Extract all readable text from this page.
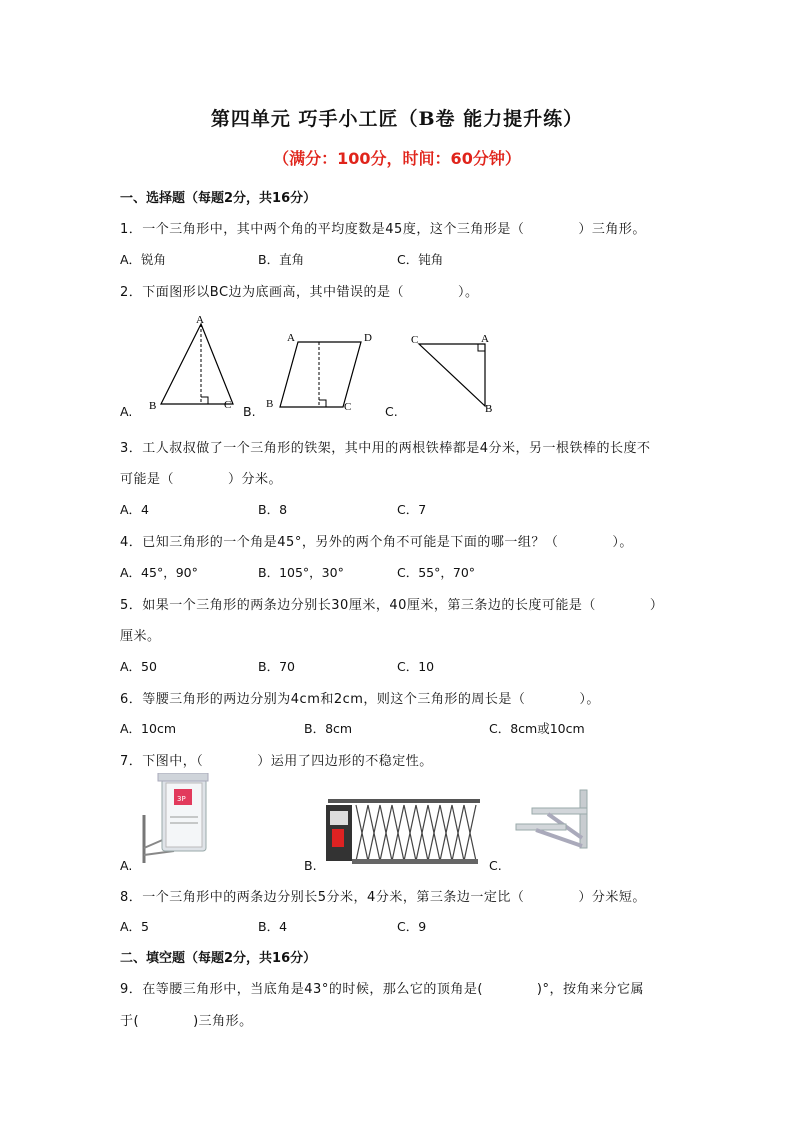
第四单元 巧手小工匠（B卷 能力提升练）
（满分：100分，时间：60分钟）
一、选择题（每题2分，共16分）
1．一个三角形中，其中两个角的平均度数是45度，这个三角形是（　　　　）三角形。
A．锐角	B．直角	C．钝角
2．下面图形以BC边为底画高，其中错误的是（　　　　）。
A.	B.	C.
A
B	C
A	D
C
B
C	A
B
3．工人叔叔做了一个三角形的铁架，其中用的两根铁棒都是4分米，另一根铁棒的长度不
可能是（　　　　）分米。
A．4	B．8	C．7
4．已知三角形的一个角是45°，另外的两个角不可能是下面的哪一组？（　　　　）。
A．45°，90°	B．105°，30°	C．55°，70°
5．如果一个三角形的两条边分别长30厘米，40厘米，第三条边的长度可能是（　　　　）
厘米。
A．50	B．70	C．10
6．等腰三角形的两边分别为4cm和2cm，则这个三角形的周长是（　　　　）。
A．10cm	B．8cm	C．8cm或10cm
7．下图中，（　　　　）运用了四边形的不稳定性。
A.	B.	C.
3P
8．一个三角形中的两条边分别长5分米，4分米，第三条边一定比（　　　　）分米短。
A．5	B．4	C．9
二、填空题（每题2分，共16分）
9．在等腰三角形中，当底角是43°的时候，那么它的顶角是(　　　　)°，按角来分它属
于(　　　　)三角形。
